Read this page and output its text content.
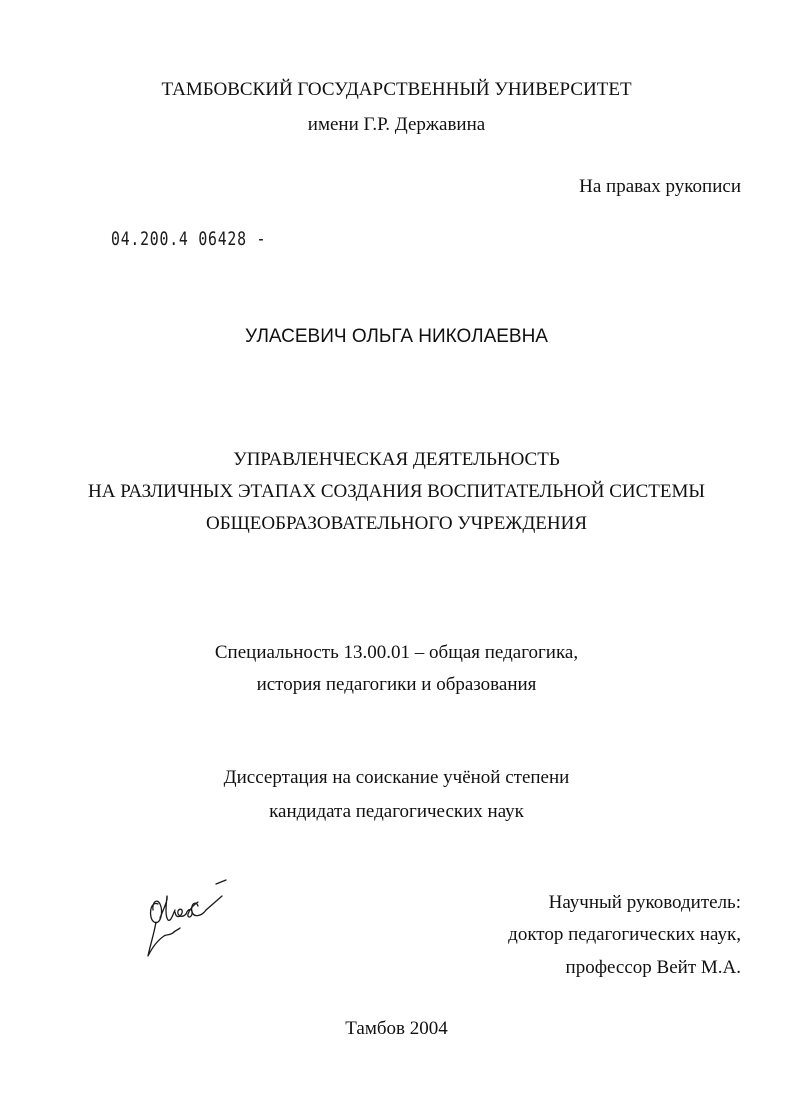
ТАМБОВСКИЙ ГОСУДАРСТВЕННЫЙ УНИВЕРСИТЕТ
имени Г.Р. Державина
На правах рукописи
04.200.4 06428 -
УЛАСЕВИЧ ОЛЬГА НИКОЛАЕВНА
УПРАВЛЕНЧЕСКАЯ ДЕЯТЕЛЬНОСТЬ
НА РАЗЛИЧНЫХ ЭТАПАХ СОЗДАНИЯ ВОСПИТАТЕЛЬНОЙ СИСТЕМЫ
ОБЩЕОБРАЗОВАТЕЛЬНОГО УЧРЕЖДЕНИЯ
Специальность 13.00.01 – общая педагогика,
история педагогики и образования
Диссертация на соискание учёной степени
кандидата педагогических наук
Научный руководитель:
доктор педагогических наук,
профессор Вейт М.А.
Тамбов 2004
